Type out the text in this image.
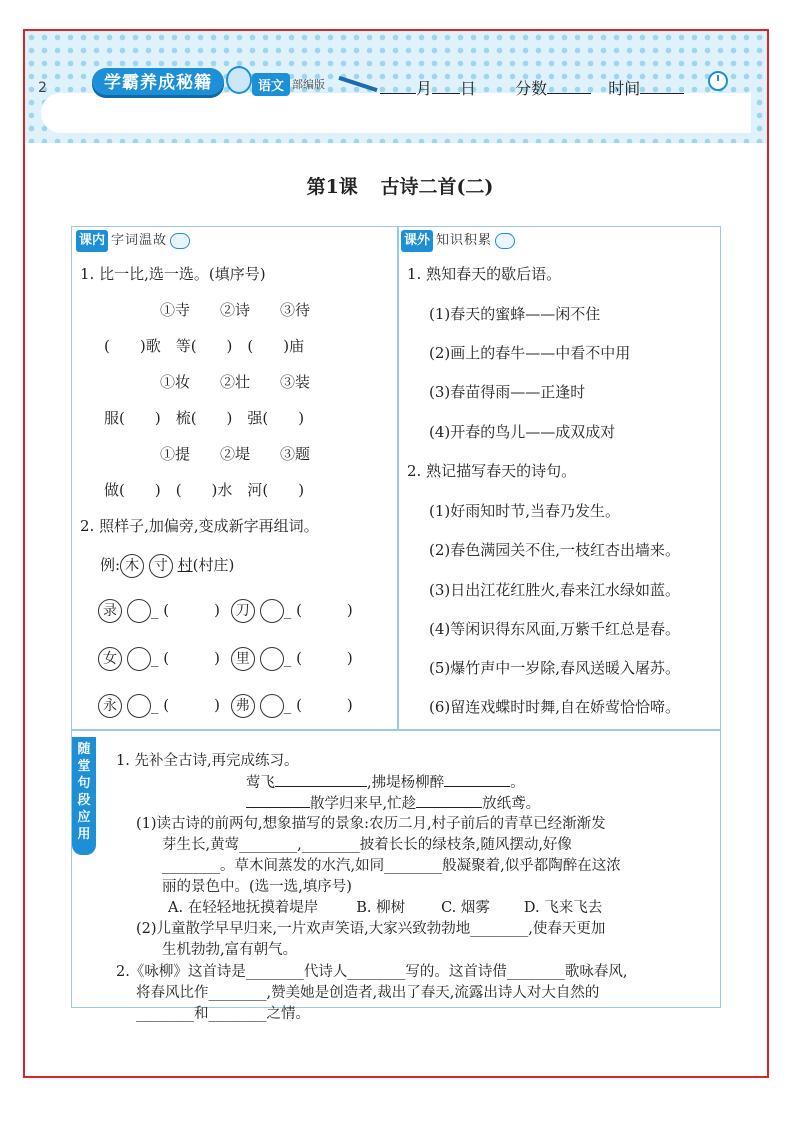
2	学霸养成秘籍	语文 部编版	月 日 分数	时间
第1课 古诗二首(二)
课内 字词温故
1. 比一比,选一选。(填序号)
①寺　　②诗　　③待
(　　)歌　等(　　)　(　　)庙
①妆　　②壮　　③装
服(　　)　梳(　　)　强(　　)
①提　　②堤　　③题
做(　　)　(　　)水　河(　　)
2. 照样子,加偏旁,变成新字再组词。
例: 木 寸 村(村庄)
录 _ (　　　) 刀 _ (　　　)
女 _ (　　　) 里 _ (　　　)
永 _ (　　　) 弗 _ (　　　)
课外 知识积累
1. 熟知春天的歇后语。
(1)春天的蜜蜂——闲不住
(2)画上的春牛——中看不中用
(3)春苗得雨——正逢时
(4)开春的鸟儿——成双成对
2. 熟记描写春天的诗句。
(1)好雨知时节,当春乃发生。
(2)春色满园关不住,一枝红杏出墙来。
(3)日出江花红胜火,春来江水绿如蓝。
(4)等闲识得东风面,万紫千红总是春。
(5)爆竹声中一岁除,春风送暖入屠苏。
(6)留连戏蝶时时舞,自在娇莺恰恰啼。
随
堂
句
段
应
用
1. 先补全古诗,再完成练习。
莺飞	,拂堤杨柳醉	。
散学归来早,忙趁	放纸鸢。
(1)读古诗的前两句,想象描写的景象:农历二月,村子前后的青草已经渐渐发
芽生长,黄莺________,________披着长长的绿枝条,随风摆动,好像
________。草木间蒸发的水汽,如同________般凝聚着,似乎都陶醉在这浓
丽的景色中。(选一选,填序号)
A. 在轻轻地抚摸着堤岸	B. 柳树 C. 烟雾 D. 飞来飞去
(2)儿童散学早早归来,一片欢声笑语,大家兴致勃勃地________,使春天更加
生机勃勃,富有朝气。
2.《咏柳》这首诗是________代诗人________写的。这首诗借________歌咏春风,
将春风比作________,赞美她是创造者,裁出了春天,流露出诗人对大自然的
________和________之情。
